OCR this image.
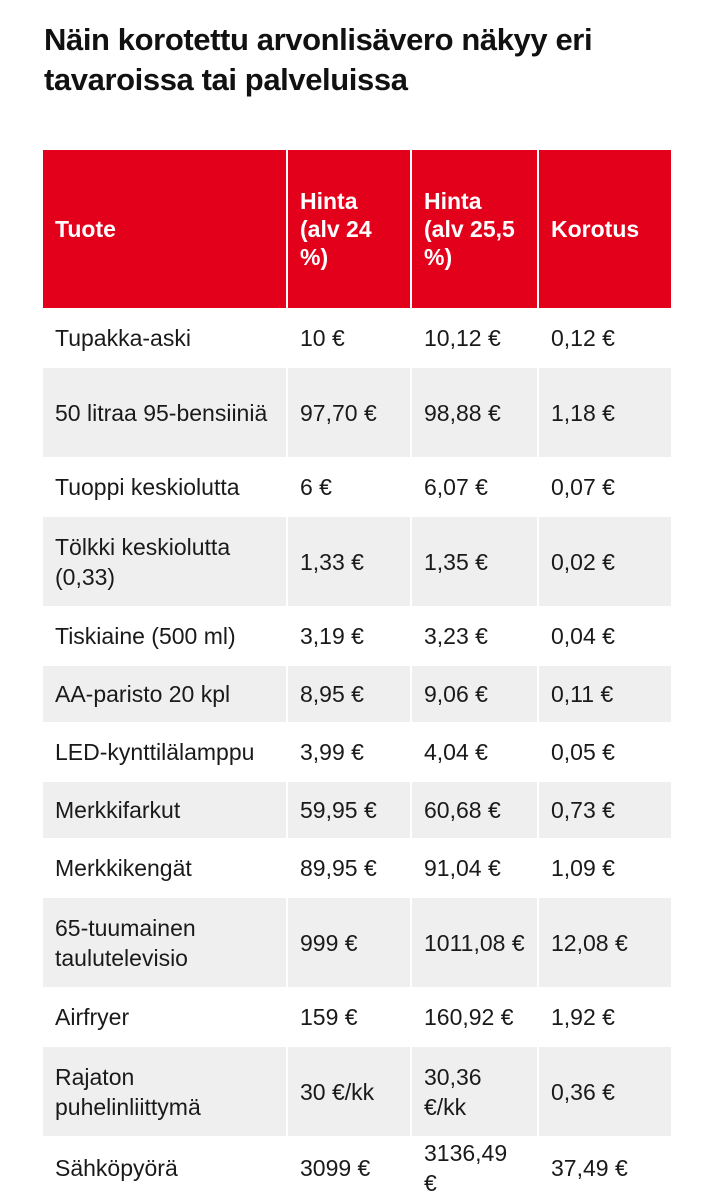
Näin korotettu arvonlisävero näkyy eri tavaroissa tai palveluissa
Tuote	Hinta (alv 24 %)	Hinta (alv 25,5 %)	Korotus
Tupakka-aski	10 €	10,12 €	0,12 €
50 litraa 95-bensiiniä	97,70 €	98,88 €	1,18 €
Tuoppi keskiolutta	6 €	6,07 €	0,07 €
Tölkki keskiolutta (0,33)	1,33 €	1,35 €	0,02 €
Tiskiaine (500 ml)	3,19 €	3,23 €	0,04 €
AA-paristo 20 kpl	8,95 €	9,06 €	0,11 €
LED-kynttilälamppu	3,99 €	4,04 €	0,05 €
Merkkifarkut	59,95 €	60,68 €	0,73 €
Merkkikengät	89,95 €	91,04 €	1,09 €
65-tuumainen taulutelevisio	999 €	1011,08 €	12,08 €
Airfryer	159 €	160,92 €	1,92 €
Rajaton puhelinliittymä	30 €/kk	30,36 €/kk	0,36 €
Sähköpyörä	3099 €	3136,49 €	37,49 €
